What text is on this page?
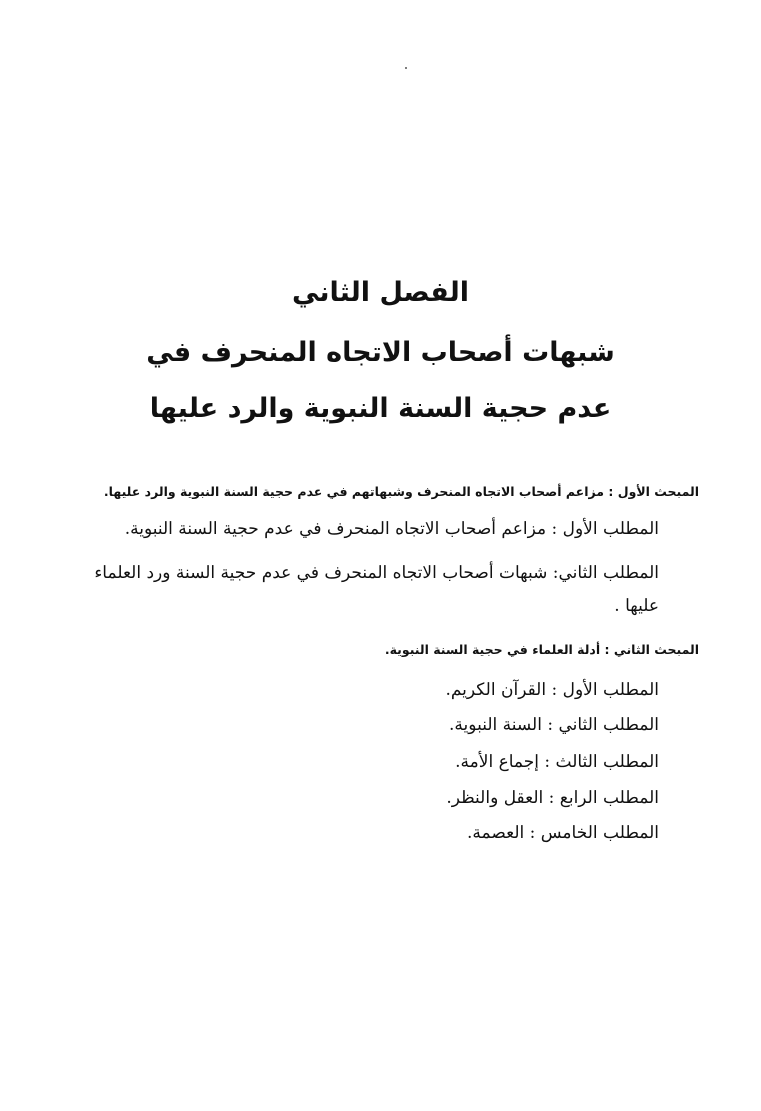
الفصل الثاني
شبهات أصحاب الاتجاه المنحرف في
عدم حجية السنة النبوية والرد عليها
المبحث الأول : مزاعم أصحاب الاتجاه المنحرف وشبهاتهم في عدم حجية السنة النبوية والرد عليها.
المطلب الأول : مزاعم أصحاب الاتجاه المنحرف في عدم حجية السنة النبوية.
المطلب الثاني: شبهات أصحاب الاتجاه المنحرف في عدم حجية السنة ورد العلماء عليها .
المبحث الثاني : أدلة العلماء في حجية السنة النبوية.
المطلب الأول : القرآن الكريم.
المطلب الثاني : السنة النبوية.
المطلب الثالث : إجماع الأمة.
المطلب الرابع : العقل والنظر.
المطلب الخامس : العصمة.
